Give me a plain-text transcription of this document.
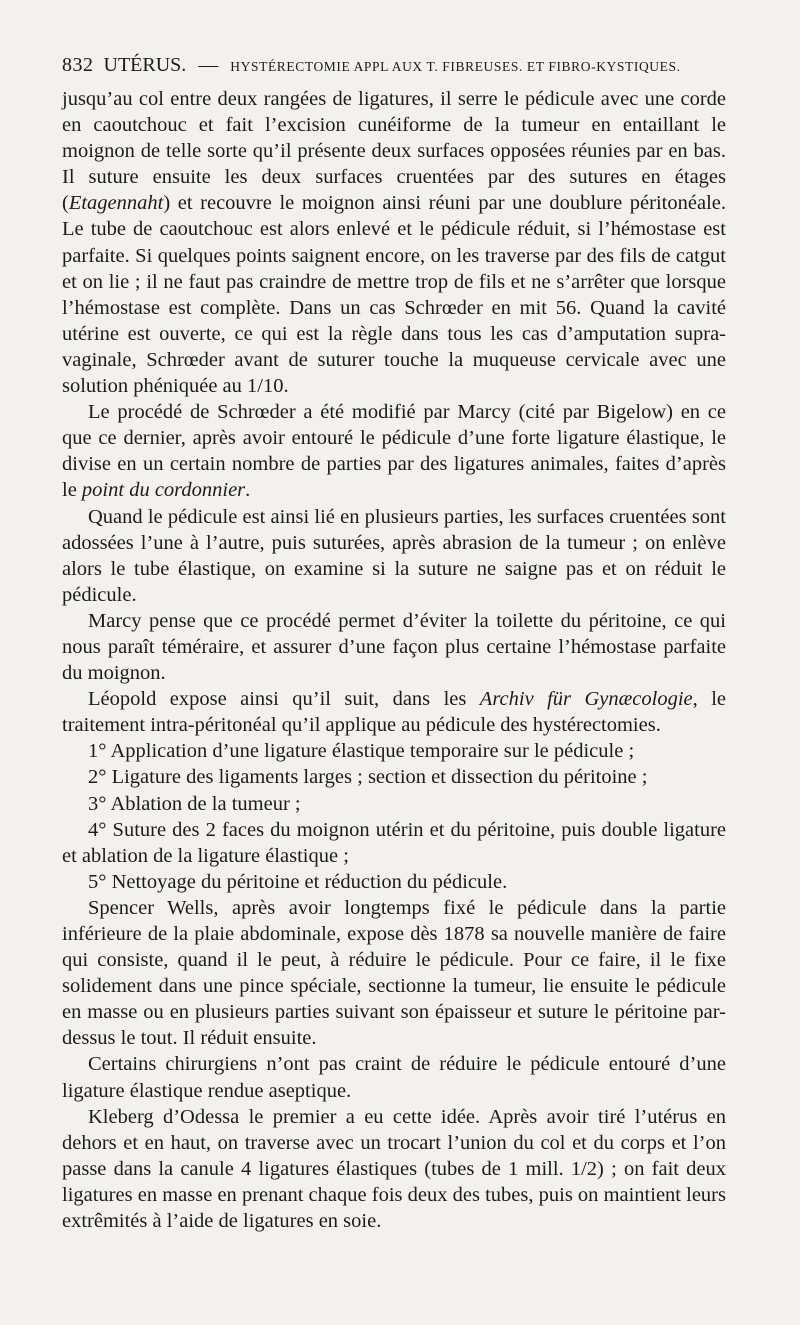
832 UTÉRUS. — HYSTÉRECTOMIE APPL AUX T. FIBREUSES. ET FIBRO-KYSTIQUES.

jusqu’au col entre deux rangées de ligatures, il serre le pédicule avec une corde en caoutchouc et fait l’excision cunéiforme de la tumeur en entaillant le moignon de telle sorte qu’il présente deux surfaces opposées réunies par en bas. Il suture ensuite les deux surfaces cruentées par des sutures en étages (Etagennaht) et recouvre le moignon ainsi réuni par une doublure péritonéale. Le tube de caoutchouc est alors enlevé et le pédicule réduit, si l’hémostase est parfaite. Si quelques points saignent encore, on les traverse par des fils de catgut et on lie ; il ne faut pas craindre de mettre trop de fils et ne s’arrêter que lorsque l’hémostase est complète. Dans un cas Schrœder en mit 56. Quand la cavité utérine est ouverte, ce qui est la règle dans tous les cas d’amputation supra-vaginale, Schrœder avant de suturer touche la muqueuse cervicale avec une solution phéniquée au 1/10.

Le procédé de Schrœder a été modifié par Marcy (cité par Bigelow) en ce que ce dernier, après avoir entouré le pédicule d’une forte ligature élastique, le divise en un certain nombre de parties par des ligatures animales, faites d’après le point du cordonnier.

Quand le pédicule est ainsi lié en plusieurs parties, les surfaces cruentées sont adossées l’une à l’autre, puis suturées, après abrasion de la tumeur ; on enlève alors le tube élastique, on examine si la suture ne saigne pas et on réduit le pédicule.

Marcy pense que ce procédé permet d’éviter la toilette du péritoine, ce qui nous paraît téméraire, et assurer d’une façon plus certaine l’hémostase parfaite du moignon.

Léopold expose ainsi qu’il suit, dans les Archiv für Gynæcologie, le traitement intra-péritonéal qu’il applique au pédicule des hystérectomies.

1° Application d’une ligature élastique temporaire sur le pédicule ;

2° Ligature des ligaments larges ; section et dissection du péritoine ;

3° Ablation de la tumeur ;

4° Suture des 2 faces du moignon utérin et du péritoine, puis double ligature et ablation de la ligature élastique ;

5° Nettoyage du péritoine et réduction du pédicule.

Spencer Wells, après avoir longtemps fixé le pédicule dans la partie inférieure de la plaie abdominale, expose dès 1878 sa nouvelle manière de faire qui consiste, quand il le peut, à réduire le pédicule. Pour ce faire, il le fixe solidement dans une pince spéciale, sectionne la tumeur, lie ensuite le pédicule en masse ou en plusieurs parties suivant son épaisseur et suture le péritoine par-dessus le tout. Il réduit ensuite.

Certains chirurgiens n’ont pas craint de réduire le pédicule entouré d’une ligature élastique rendue aseptique.

Kleberg d’Odessa le premier a eu cette idée. Après avoir tiré l’utérus en dehors et en haut, on traverse avec un trocart l’union du col et du corps et l’on passe dans la canule 4 ligatures élastiques (tubes de 1 mill. 1/2) ; on fait deux ligatures en masse en prenant chaque fois deux des tubes, puis on maintient leurs extrêmités à l’aide de ligatures en soie.
